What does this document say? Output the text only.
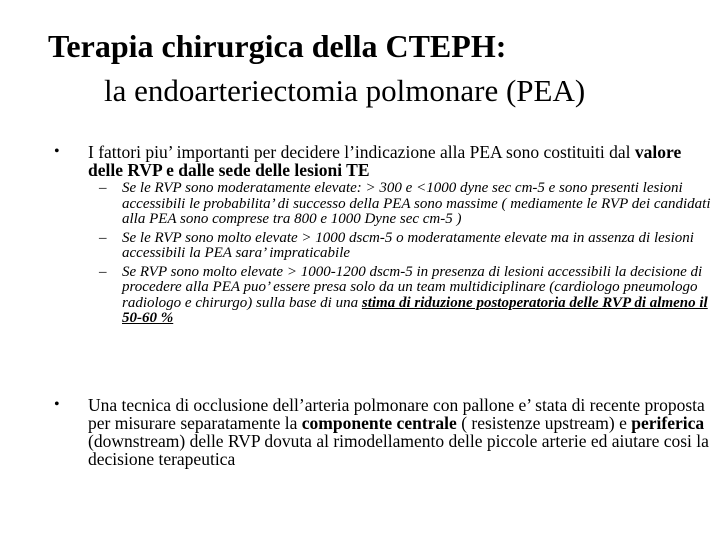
Terapia chirurgica della CTEPH:
la endoarteriectomia polmonare (PEA)
• I fattori piu’ importanti per decidere l’indicazione alla PEA sono costituiti dal valore delle RVP e dalle sede delle lesioni TE
– Se le RVP sono moderatamente elevate: > 300 e <1000 dyne sec cm-5 e sono presenti lesioni accessibili le probabilita’ di successo della PEA sono massime ( mediamente le RVP dei candidati alla PEA sono comprese tra 800 e 1000 Dyne sec cm-5 )
– Se le RVP sono molto elevate > 1000 dscm-5 o moderatamente elevate ma in assenza di lesioni accessibili la PEA sara’ impraticabile
– Se RVP sono molto elevate > 1000-1200 dscm-5 in presenza di lesioni accessibili la decisione di procedere alla PEA puo’ essere presa solo da un team multidiciplinare (cardiologo pneumologo radiologo e chirurgo) sulla base di una stima di riduzione postoperatoria delle RVP di almeno il 50-60 %
• Una tecnica di occlusione dell’arteria polmonare con pallone e’ stata di recente proposta per misurare separatamente la componente centrale ( resistenze upstream) e periferica (downstream) delle RVP dovuta al rimodellamento delle piccole arterie ed aiutare cosi la decisione terapeutica
